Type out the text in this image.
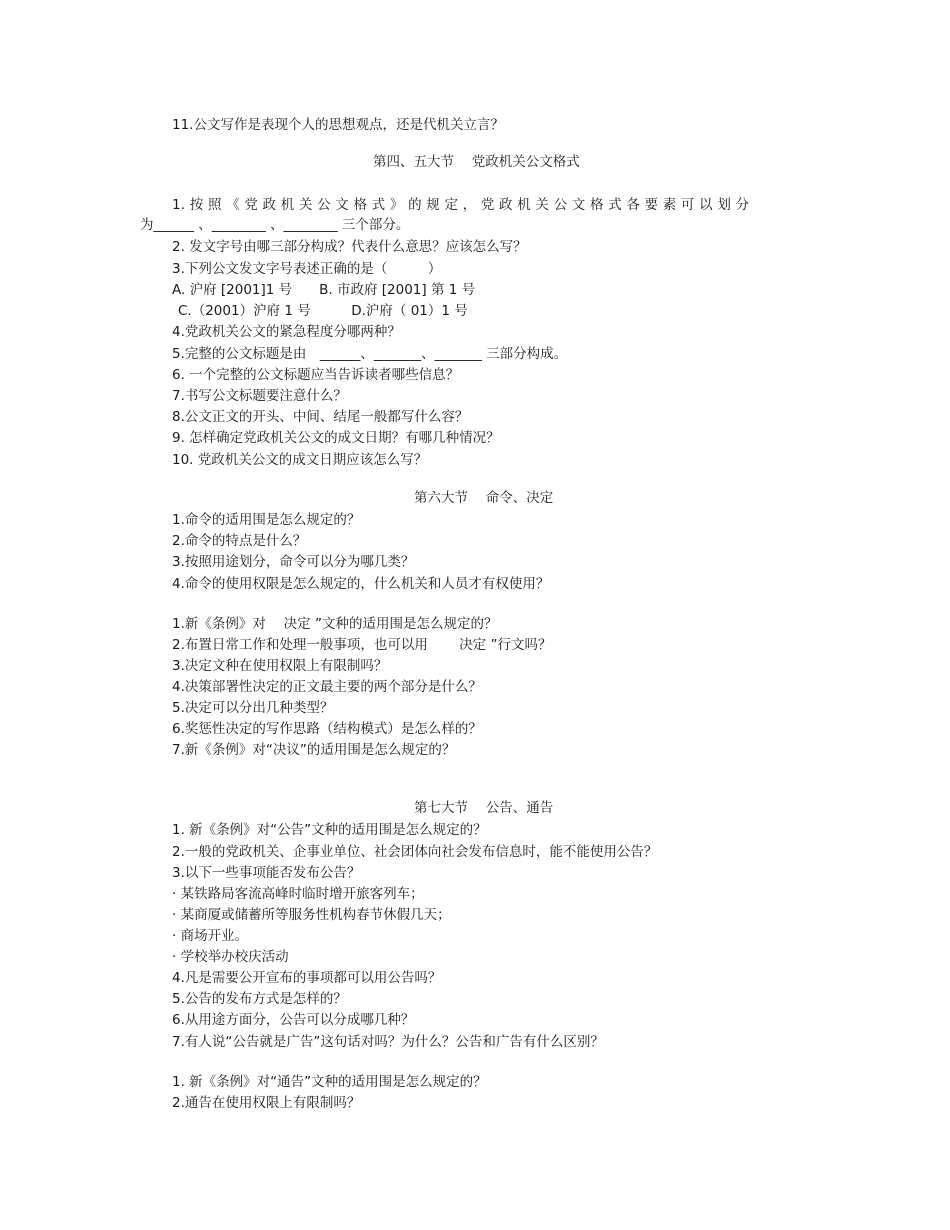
11.公文写作是表现个人的思想观点，还是代机关立言？
第四、五大节　 党政机关公文格式
1. 按 照 《 党 政 机 关 公 文 格 式 》 的 规 定 ， 党 政 机 关 公 文 格 式 各 要 素 可 以 划 分
为______ 、________ 、________ 三个部分。
2. 发文字号由哪三部分构成？代表什么意思？应该怎么写？
3.下列公文发文字号表述正确的是（　　　）
A. 沪府 [2001]1 号　　B. 市政府 [2001] 第 1 号
C.（2001）沪府 1 号　　　D.沪府（ 01）1 号
4.党政机关公文的紧急程度分哪两种？
5.完整的公文标题是由　______、_______、_______ 三部分构成。
6. 一个完整的公文标题应当告诉读者哪些信息？
7.书写公文标题要注意什么？
8.公文正文的开头、中间、结尾一般都写什么容？
9. 怎样确定党政机关公文的成文日期？有哪几种情况？
10. 党政机关公文的成文日期应该怎么写？
第六大节　 命令、决定
1.命令的适用围是怎么规定的？
2.命令的特点是什么？
3.按照用途划分，命令可以分为哪几类？
4.命令的使用权限是怎么规定的，什么机关和人员才有权使用？
1.新《条例》对　 决定 ”文种的适用围是怎么规定的？
2.布置日常工作和处理一般事项，也可以用　　 决定 ”行文吗？
3.决定文种在使用权限上有限制吗？
4.决策部署性决定的正文最主要的两个部分是什么？
5.决定可以分出几种类型？
6.奖惩性决定的写作思路（结构模式）是怎么样的？
7.新《条例》对“决议”的适用围是怎么规定的？
第七大节　 公告、通告
1. 新《条例》对“公告”文种的适用围是怎么规定的？
2.一般的党政机关、企事业单位、社会团体向社会发布信息时，能不能使用公告？
3.以下一些事项能否发布公告？
· 某铁路局客流高峰时临时增开旅客列车；
· 某商厦或储蓄所等服务性机构春节休假几天；
· 商场开业。
· 学校举办校庆活动
4.凡是需要公开宣布的事项都可以用公告吗？
5.公告的发布方式是怎样的？
6.从用途方面分，公告可以分成哪几种？
7.有人说“公告就是广告”这句话对吗？为什么？公告和广告有什么区别？
1. 新《条例》对“通告”文种的适用围是怎么规定的？
2.通告在使用权限上有限制吗？
